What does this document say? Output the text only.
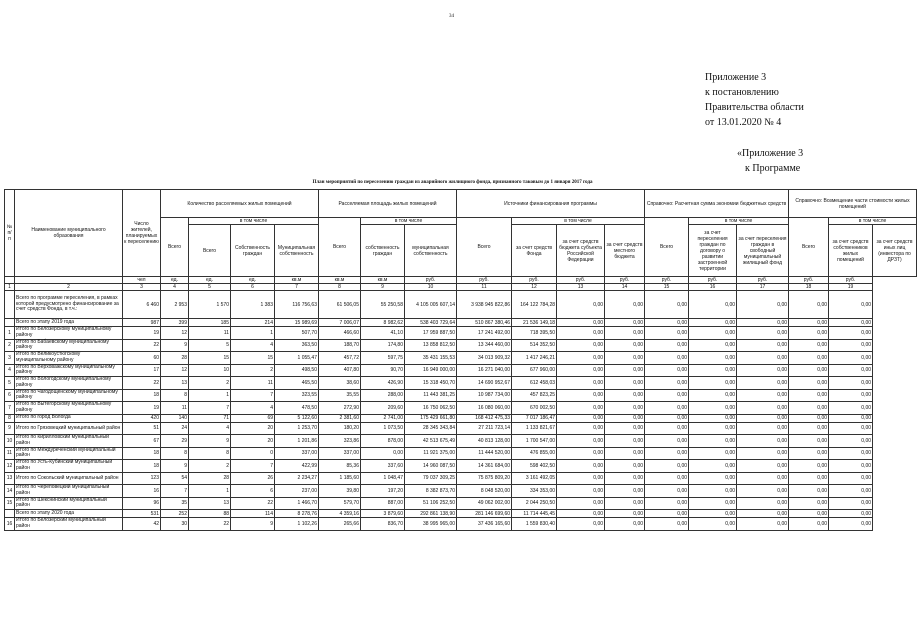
34
Приложение 3
к постановлению
Правительства области
от 13.01.2020 № 4
«Приложение 3
к Программе
План мероприятий по переселению граждан из аварийного жилищного фонда, признанного таковым до 1 января 2017 года
№ п/ п	Наименование муниципального образования	Число жителей, планируемых к переселению	Количество расселяемых жилых помещений				Расселяемая площадь жилых помещений			Источники финансирования программы				Справочно: Расчетная сумма экономии бюджетных средств			Справочно: Возмещение части стоимости жилых помещений		
			Всего	в том числе			Всего	в том числе		Всего	в том числе			Всего	в том числе		Всего	в том числе	
				Всего	Собственность граждан	Муниципальная собственность		собственность граждан	муниципальная собственность		за счет средств Фонда	за счет средств бюджета субъекта Российской Федерации	за счет средств местного бюджета		за счет переселения граждан по договору о развитии застроенной территории	за счет переселения граждан в свободный муниципальный жилищный фонд		за счет средств собственников жилых помещений	за счет средств иных лиц (инвестора по ДРЗТ)
		чел	ед.	ед.	ед.	кв.м	кв.м	кв.м	руб.	руб.	руб.	руб.	руб.	руб.	руб.	руб.	руб.	руб.	
1	2	3	4	5	6	7	8	9	10	11	12	13	14	15	16	17	18	19	
	Всего по программе переселения, в рамках которой предусмотрено финансирование за счет средств Фонда, в т.ч.:	6 460	2 953	1 570	1 383	116 756,63	61 506,05	55 250,58	4 105 005 607,14	3 938 945 822,86	164 122 784,28	0,00	0,00	0,00	0,00	0,00	0,00	0,00	
	Всего по этапу 2019 года	987	399	185	214	15 989,69	7 006,07	8 982,62	538 403 729,64	510 867 380,46	21 536 149,18	0,00	0,00	0,00	0,00	0,00	0,00	0,00	
1	Итого по Белозерскому муниципальному району	19	12	11	1	507,70	466,60	41,10	17 959 887,50	17 241 492,00	718 395,50	0,00	0,00	0,00	0,00	0,00	0,00	0,00	
2	Итого по Бабаевскому муниципальному району	22	9	5	4	363,50	188,70	174,80	13 858 812,50	13 344 460,00	514 352,50	0,00	0,00	0,00	0,00	0,00	0,00	0,00	
3	Итого по Великоустюгскому муниципальному району	60	28	15	15	1 055,47	457,72	597,75	35 431 155,53	34 013 909,32	1 417 246,21	0,00	0,00	0,00	0,00	0,00	0,00	0,00	
4	Итого по Верховажскому муниципальному району	17	12	10	2	498,50	407,80	90,70	16 949 000,00	16 271 040,00	677 960,00	0,00	0,00	0,00	0,00	0,00	0,00	0,00	
5	Итого по Вологодскому муниципальному району	22	13	2	11	465,50	38,60	426,90	15 318 450,70	14 690 952,67	612 458,03	0,00	0,00	0,00	0,00	0,00	0,00	0,00	
6	Итого по Чагодощенскому муниципальному району	18	8	1	7	323,55	35,55	288,00	11 443 381,25	10 987 734,00	457 823,25	0,00	0,00	0,00	0,00	0,00	0,00	0,00	
7	Итого по Вытегорскому муниципальному району	19	11	7	4	478,50	272,90	209,60	16 750 062,50	16 080 060,00	670 002,50	0,00	0,00	0,00	0,00	0,00	0,00	0,00	
8	Итого по город Вологда	420	140	71	69	5 122,60	2 381,60	2 741,00	175 429 661,80	168 412 475,33	7 017 186,47	0,00	0,00	0,00	0,00	0,00	0,00	0,00	
9	Итого по Грязовецкий муниципальный район	51	24	4	20	1 253,70	180,20	1 073,50	28 345 343,84	27 211 723,14	1 133 821,67	0,00	0,00	0,00	0,00	0,00	0,00	0,00	
10	Итого по Кирилловский муниципальный район	67	29	9	20	1 201,86	323,86	878,00	42 513 675,49	40 813 128,00	1 700 547,00	0,00	0,00	0,00	0,00	0,00	0,00	0,00	
11	Итого по Междуреченский муниципальный район	18	8	8	0	337,00	337,00	0,00	11 921 375,00	11 444 520,00	476 855,00	0,00	0,00	0,00	0,00	0,00	0,00	0,00	
12	Итого по Усть-Кубинский муниципальный район	18	9	2	7	422,99	85,36	337,60	14 960 087,50	14 361 684,00	598 402,50	0,00	0,00	0,00	0,00	0,00	0,00	0,00	
13	Итого по Сокольский муниципальный район	123	54	28	26	2 234,27	1 185,60	1 048,47	79 037 309,25	75 875 809,20	3 161 492,05	0,00	0,00	0,00	0,00	0,00	0,00	0,00	
14	Итого по Череповецкий муниципальный район	16	7	1	6	237,00	39,80	197,20	8 382 873,70	8 048 520,00	334 353,00	0,00	0,00	0,00	0,00	0,00	0,00	0,00	
15	Итого по Шекснинский муниципальный район	96	35	13	22	1 466,70	579,70	887,00	51 106 252,50	49 062 002,00	2 044 250,50	0,00	0,00	0,00	0,00	0,00	0,00	0,00	
	Всего по этапу 2020 года	531	252	88	114	8 278,76	4 359,16	3 879,60	292 861 138,90	281 146 699,60	11 714 445,45	0,00	0,00	0,00	0,00	0,00	0,00	0,00	
16	Итого по Белозерский муниципальный район	42	30	22	9	1 102,26	265,66	836,70	38 995 965,00	37 436 165,60	1 559 830,40	0,00	0,00	0,00	0,00	0,00	0,00	0,00	
